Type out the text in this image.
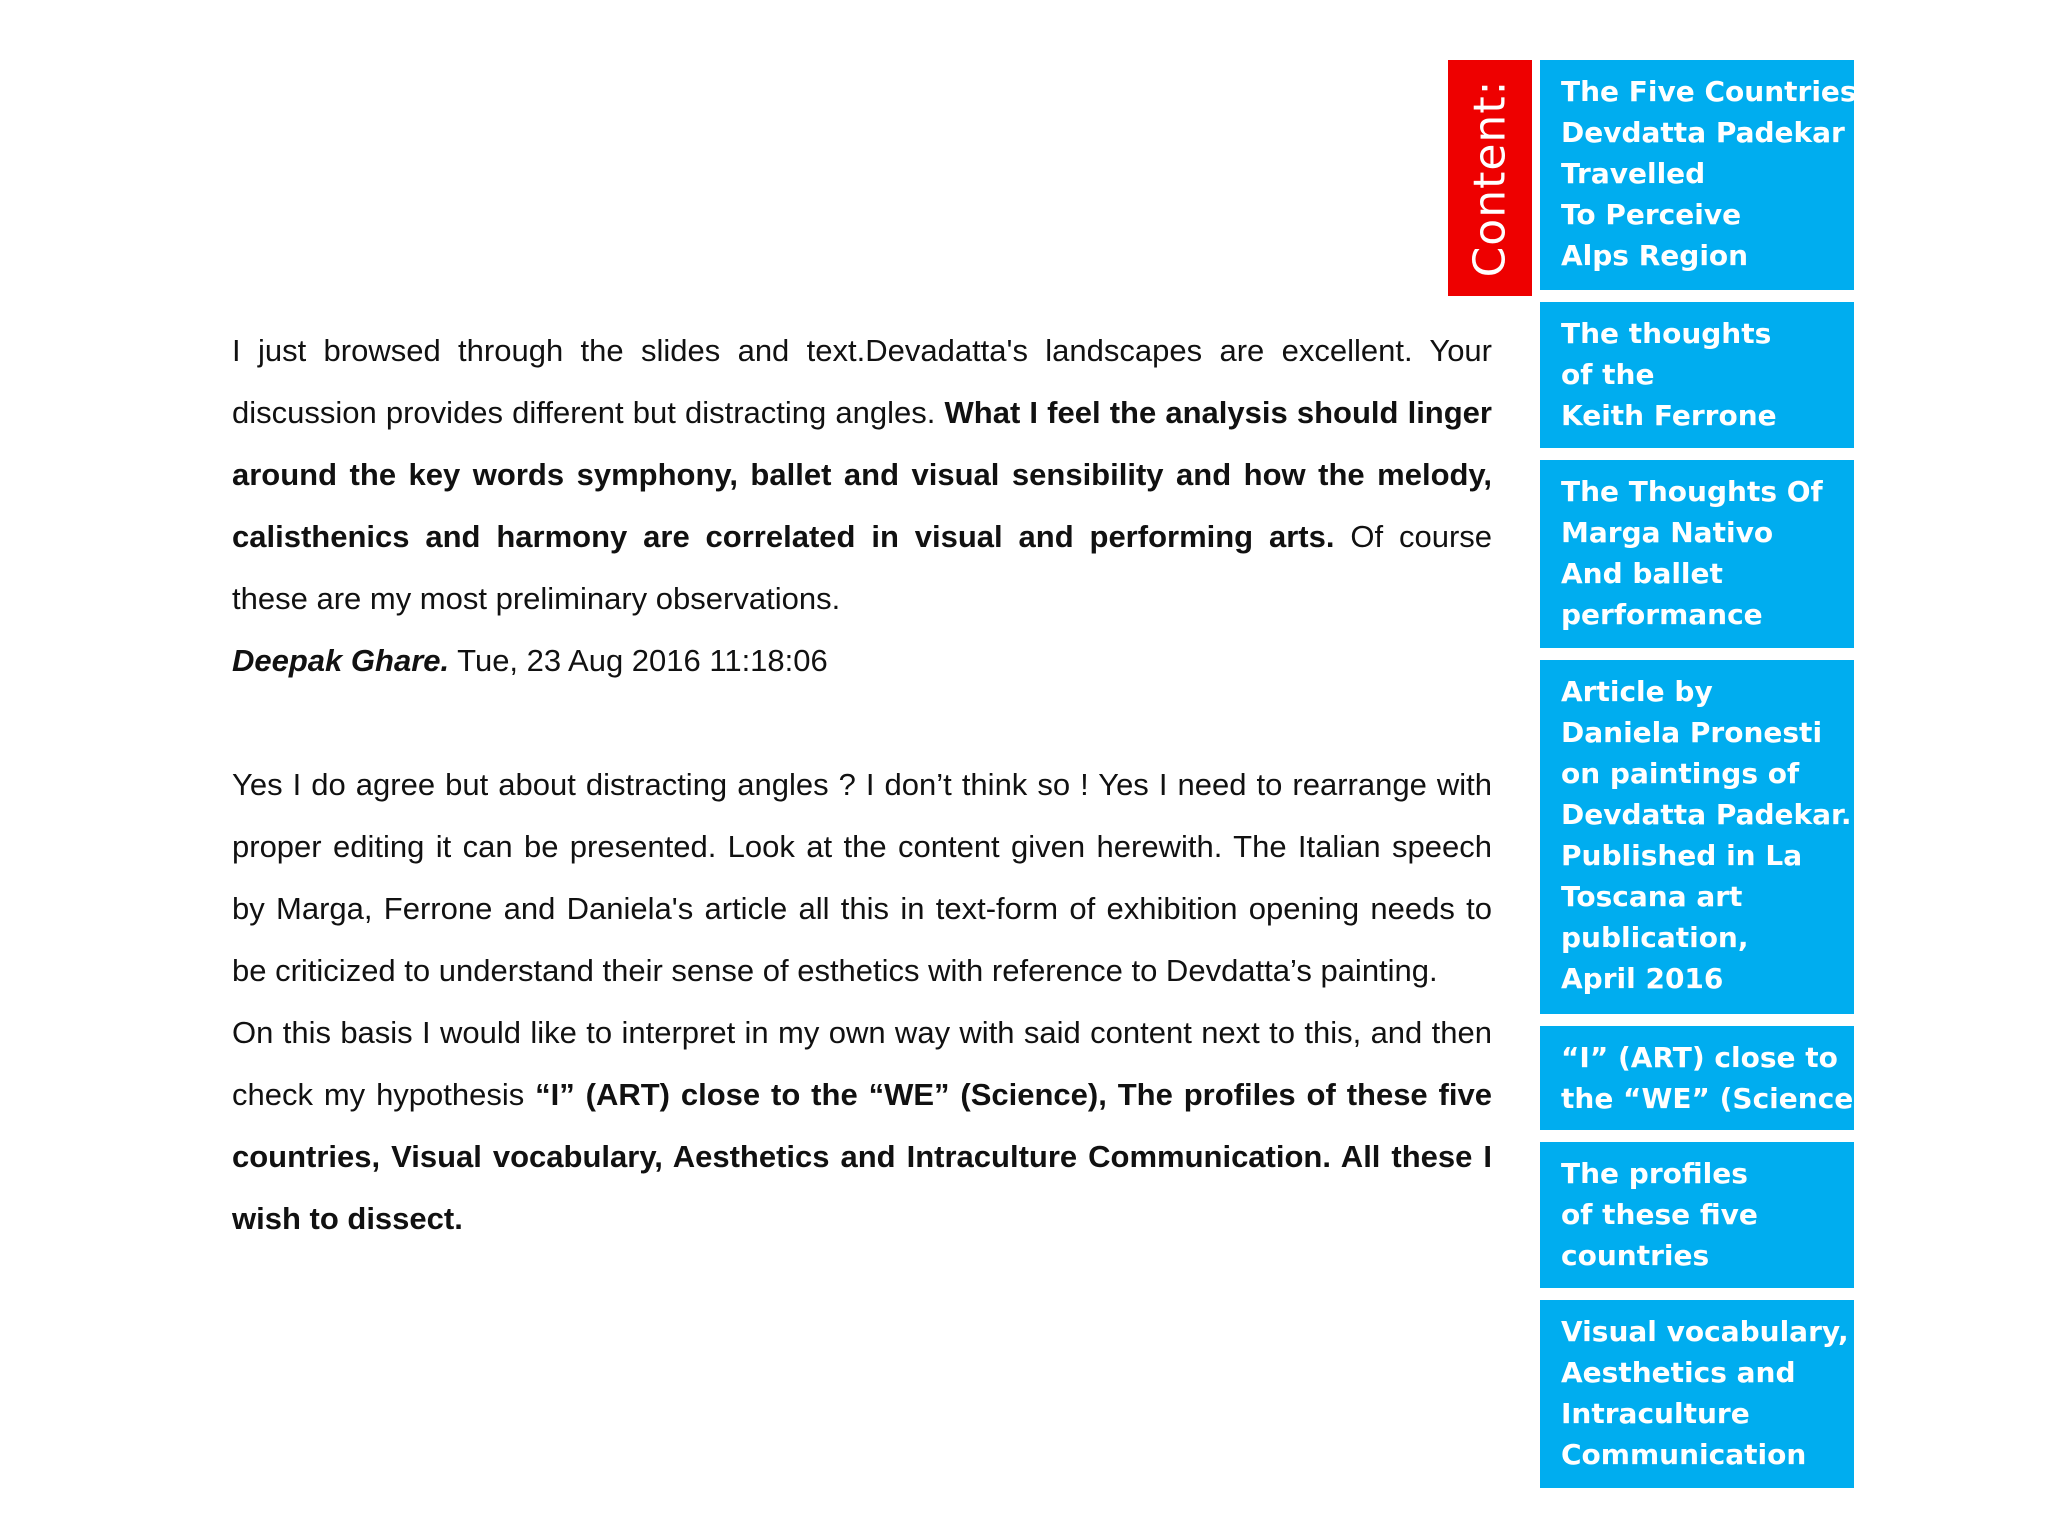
I just browsed through the slides and text.Devadatta's landscapes are excellent. Your discussion provides different but distracting angles. What I feel the analysis should linger around the key words symphony, ballet and visual sensibility and how the melody, calisthenics and harmony are correlated in visual and performing arts. Of course these are my most preliminary observations.

Deepak Ghare. Tue, 23 Aug 2016 11:18:06

Yes I do agree but about distracting angles ? I don’t think so ! Yes I need to rearrange with proper editing it can be presented. Look at the content given herewith. The Italian speech by Marga, Ferrone and Daniela's article all this in text-form of exhibition opening needs to be criticized to understand their sense of esthetics with reference to Devdatta’s painting.

On this basis I would like to interpret in my own way with said content next to this, and then check my hypothesis “I” (ART) close to the “WE” (Science), The profiles of these five countries, Visual vocabulary, Aesthetics and Intraculture Communication. All these I wish to dissect.

Content: The Five Countries
Devdatta Padekar
Travelled
To Perceive
Alps Region
The thoughts
of the
Keith Ferrone
The Thoughts Of
Marga Nativo
And ballet
performance
Article by
Daniela Pronesti
on paintings of
Devdatta Padekar.
Published in La
Toscana art
publication,
April 2016
“I” (ART) close to
the “WE” (Science)
The profiles
of these five
countries
Visual vocabulary,
Aesthetics and
Intraculture
Communication
